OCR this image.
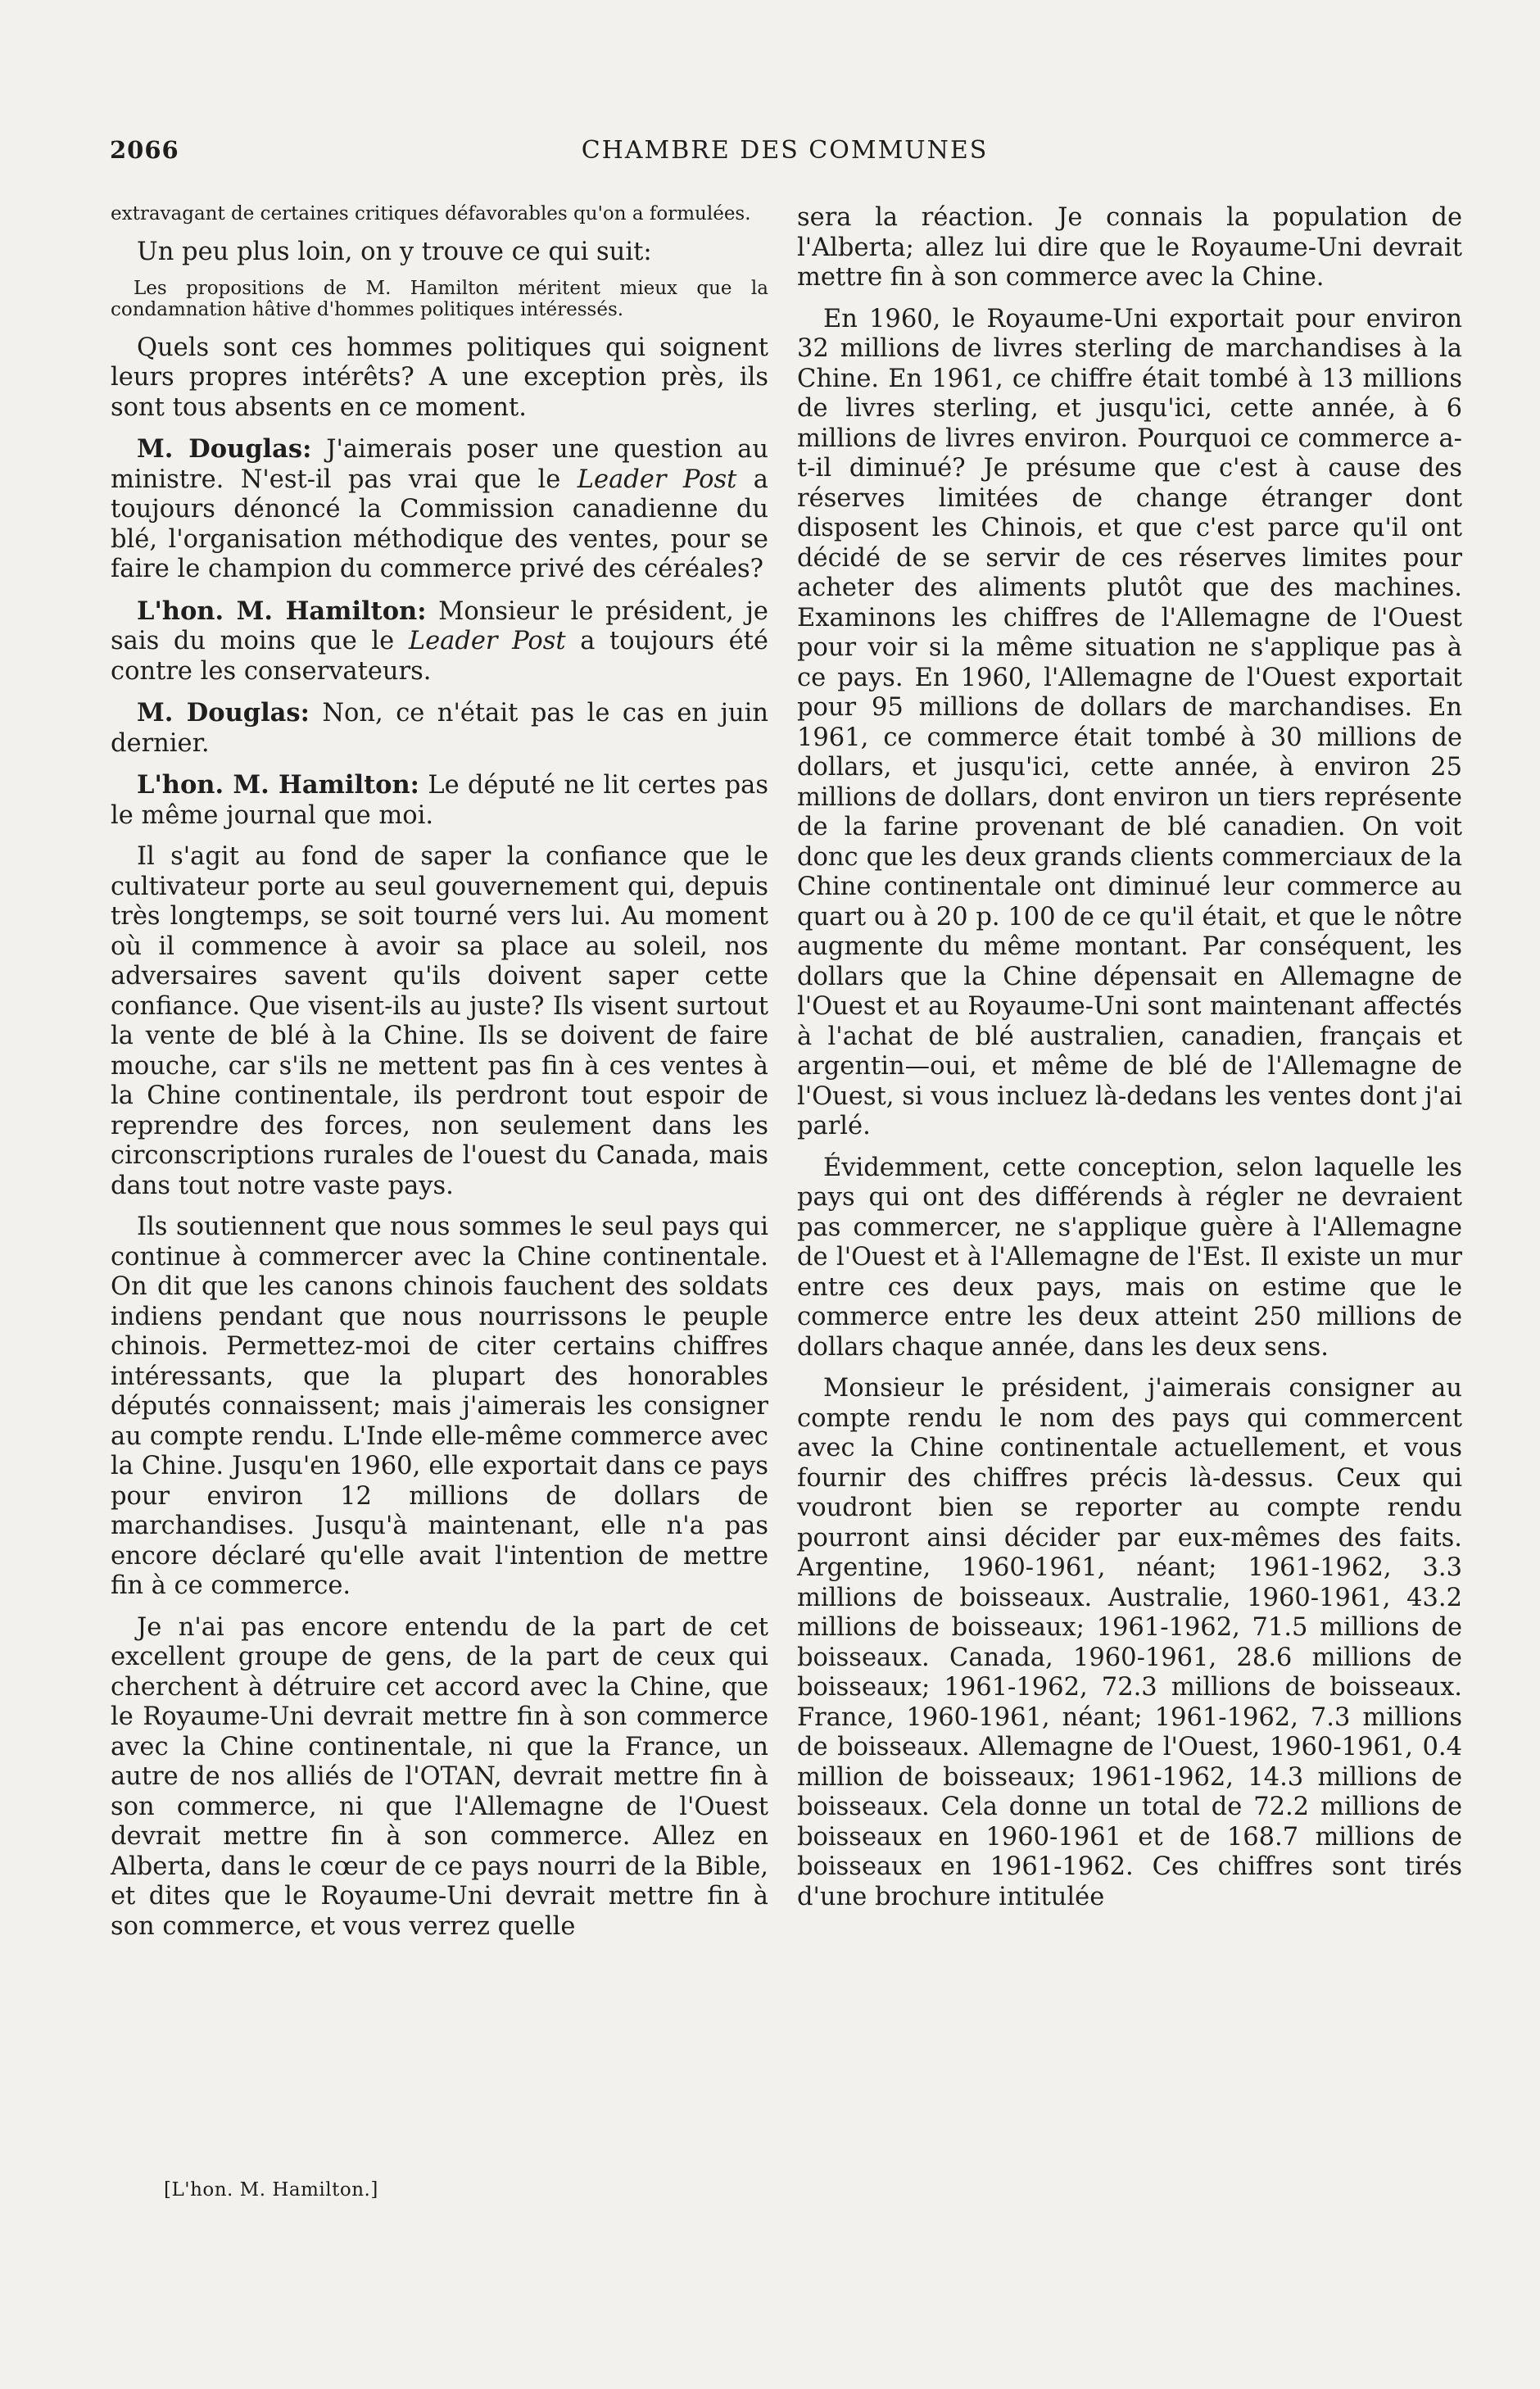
2066	CHAMBRE DES COMMUNES

extravagant de certaines critiques défavorables qu'on a formulées.

Un peu plus loin, on y trouve ce qui suit:

Les propositions de M. Hamilton méritent mieux que la condamnation hâtive d'hommes politiques intéressés.

Quels sont ces hommes politiques qui soignent leurs propres intérêts? A une exception près, ils sont tous absents en ce moment.

M. Douglas: J'aimerais poser une question au ministre. N'est-il pas vrai que le Leader Post a toujours dénoncé la Commission canadienne du blé, l'organisation méthodique des ventes, pour se faire le champion du commerce privé des céréales?

L'hon. M. Hamilton: Monsieur le président, je sais du moins que le Leader Post a toujours été contre les conservateurs.

M. Douglas: Non, ce n'était pas le cas en juin dernier.

L'hon. M. Hamilton: Le député ne lit certes pas le même journal que moi.

Il s'agit au fond de saper la confiance que le cultivateur porte au seul gouvernement qui, depuis très longtemps, se soit tourné vers lui. Au moment où il commence à avoir sa place au soleil, nos adversaires savent qu'ils doivent saper cette confiance. Que visent-ils au juste? Ils visent surtout la vente de blé à la Chine. Ils se doivent de faire mouche, car s'ils ne mettent pas fin à ces ventes à la Chine continentale, ils perdront tout espoir de reprendre des forces, non seulement dans les circonscriptions rurales de l'ouest du Canada, mais dans tout notre vaste pays.

Ils soutiennent que nous sommes le seul pays qui continue à commercer avec la Chine continentale. On dit que les canons chinois fauchent des soldats indiens pendant que nous nourrissons le peuple chinois. Permettez-moi de citer certains chiffres intéressants, que la plupart des honorables députés connaissent; mais j'aimerais les consigner au compte rendu. L'Inde elle-même commerce avec la Chine. Jusqu'en 1960, elle exportait dans ce pays pour environ 12 millions de dollars de marchandises. Jusqu'à maintenant, elle n'a pas encore déclaré qu'elle avait l'intention de mettre fin à ce commerce.

Je n'ai pas encore entendu de la part de cet excellent groupe de gens, de la part de ceux qui cherchent à détruire cet accord avec la Chine, que le Royaume-Uni devrait mettre fin à son commerce avec la Chine continentale, ni que la France, un autre de nos alliés de l'OTAN, devrait mettre fin à son commerce, ni que l'Allemagne de l'Ouest devrait mettre fin à son commerce. Allez en Alberta, dans le cœur de ce pays nourri de la Bible, et dites que le Royaume-Uni devrait mettre fin à son commerce, et vous verrez quelle

[L'hon. M. Hamilton.]

sera la réaction. Je connais la population de l'Alberta; allez lui dire que le Royaume-Uni devrait mettre fin à son commerce avec la Chine.

En 1960, le Royaume-Uni exportait pour environ 32 millions de livres sterling de marchandises à la Chine. En 1961, ce chiffre était tombé à 13 millions de livres sterling, et jusqu'ici, cette année, à 6 millions de livres environ. Pourquoi ce commerce a-t-il diminué? Je présume que c'est à cause des réserves limitées de change étranger dont disposent les Chinois, et que c'est parce qu'il ont décidé de se servir de ces réserves limites pour acheter des aliments plutôt que des machines. Examinons les chiffres de l'Allemagne de l'Ouest pour voir si la même situation ne s'applique pas à ce pays. En 1960, l'Allemagne de l'Ouest exportait pour 95 millions de dollars de marchandises. En 1961, ce commerce était tombé à 30 millions de dollars, et jusqu'ici, cette année, à environ 25 millions de dollars, dont environ un tiers représente de la farine provenant de blé canadien. On voit donc que les deux grands clients commerciaux de la Chine continentale ont diminué leur commerce au quart ou à 20 p. 100 de ce qu'il était, et que le nôtre augmente du même montant. Par conséquent, les dollars que la Chine dépensait en Allemagne de l'Ouest et au Royaume-Uni sont maintenant affectés à l'achat de blé australien, canadien, français et argentin—oui, et même de blé de l'Allemagne de l'Ouest, si vous incluez là-dedans les ventes dont j'ai parlé.

Évidemment, cette conception, selon laquelle les pays qui ont des différends à régler ne devraient pas commercer, ne s'applique guère à l'Allemagne de l'Ouest et à l'Allemagne de l'Est. Il existe un mur entre ces deux pays, mais on estime que le commerce entre les deux atteint 250 millions de dollars chaque année, dans les deux sens.

Monsieur le président, j'aimerais consigner au compte rendu le nom des pays qui commercent avec la Chine continentale actuellement, et vous fournir des chiffres précis là-dessus. Ceux qui voudront bien se reporter au compte rendu pourront ainsi décider par eux-mêmes des faits. Argentine, 1960-1961, néant; 1961-1962, 3.3 millions de boisseaux. Australie, 1960-1961, 43.2 millions de boisseaux; 1961-1962, 71.5 millions de boisseaux. Canada, 1960-1961, 28.6 millions de boisseaux; 1961-1962, 72.3 millions de boisseaux. France, 1960-1961, néant; 1961-1962, 7.3 millions de boisseaux. Allemagne de l'Ouest, 1960-1961, 0.4 million de boisseaux; 1961-1962, 14.3 millions de boisseaux. Cela donne un total de 72.2 millions de boisseaux en 1960-1961 et de 168.7 millions de boisseaux en 1961-1962. Ces chiffres sont tirés d'une brochure intitulée
